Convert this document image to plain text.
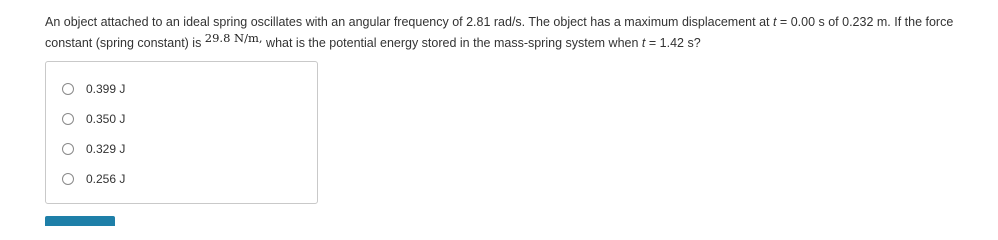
An object attached to an ideal spring oscillates with an angular frequency of 2.81 rad/s. The object has a maximum displacement at t = 0.00 s of 0.232 m. If the force constant (spring constant) is 29.8 N/m, what is the potential energy stored in the mass-spring system when t = 1.42 s?

0.399 J
0.350 J
0.329 J
0.256 J
